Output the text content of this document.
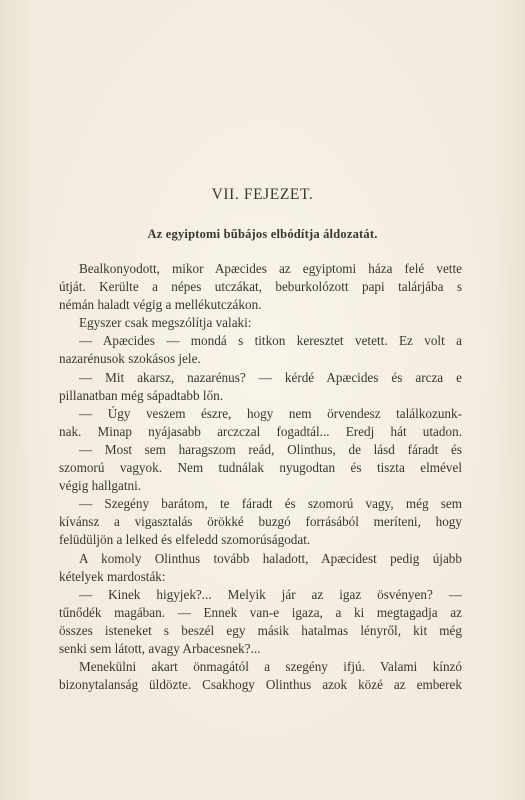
VII. FEJEZET.
Az egyiptomi bűbájos elbódítja áldozatát.
Bealkonyodott, mikor Apæcides az egyiptomi háza felé vette
útját. Kerülte a népes utczákat, beburkolózott papi talárjába s
némán haladt végig a mellékutczákon.
Egyszer csak megszólítja valaki:
— Apæcides — mondá s titkon keresztet vetett. Ez volt a
nazarénusok szokásos jele.
— Mit akarsz, nazarénus? — kérdé Apæcides és arcza e
pillanatban még sápadtabb lőn.
— Úgy veszem észre, hogy nem örvendesz találkozunk-
nak. Minap nyájasabb arczczal fogadtál... Eredj hát utadon.
— Most sem haragszom reád, Olinthus, de lásd fáradt és
szomorú vagyok. Nem tudnálak nyugodtan és tiszta elmével
végig hallgatni.
— Szegény barátom, te fáradt és szomorú vagy, még sem
kívánsz a vigasztalás örökké buzgó forrásából meríteni, hogy
felüdüljön a lelked és elfeledd szomorúságodat.
A komoly Olinthus tovább haladott, Apæcidest pedig újabb
kételyek mardosták:
— Kinek higyjek?... Melyik jár az igaz ösvényen? —
tűnődék magában. — Ennek van-e igaza, a ki megtagadja az
összes isteneket s beszél egy másik hatalmas lényről, kit még
senki sem látott, avagy Arbacesnek?...
Menekülni akart önmagától a szegény ifjú. Valami kínzó
bizonytalanság üldözte. Csakhogy Olinthus azok közé az emberek
